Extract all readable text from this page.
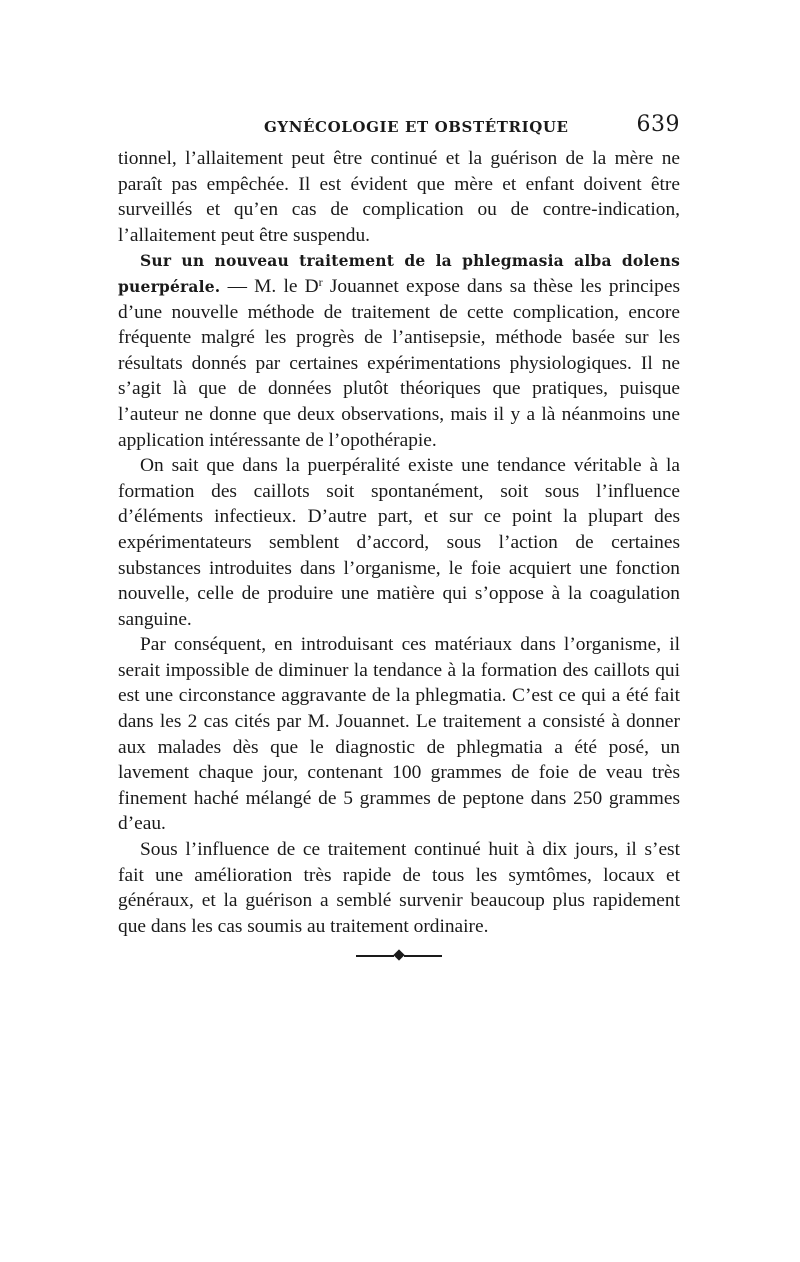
GYNÉCOLOGIE ET OBSTÉTRIQUE	639

tionnel, l’allaitement peut être continué et la guérison de la mère ne paraît pas empêchée. Il est évident que mère et enfant doivent être surveillés et qu’en cas de complication ou de contre-indication, l’allaitement peut être suspendu.

Sur un nouveau traitement de la phlegmasia alba dolens puerpérale. — M. le $D^r$ Jouannet expose dans sa thèse les principes d’une nouvelle méthode de traitement de cette complication, encore fréquente malgré les progrès de l’antisepsie, méthode basée sur les résultats donnés par certaines expérimentations physiologiques. Il ne s’agit là que de données plutôt théoriques que pratiques, puisque l’auteur ne donne que deux observations, mais il y a là néanmoins une application intéressante de l’opothérapie.

On sait que dans la puerpéralité existe une tendance véritable à la formation des caillots soit spontanément, soit sous l’influence d’éléments infectieux. D’autre part, et sur ce point la plupart des expérimentateurs semblent d’accord, sous l’action de certaines substances introduites dans l’organisme, le foie acquiert une fonction nouvelle, celle de produire une matière qui s’oppose à la coagulation sanguine.

Par conséquent, en introduisant ces matériaux dans l’organisme, il serait impossible de diminuer la tendance à la formation des caillots qui est une circonstance aggravante de la phlegmatia. C’est ce qui a été fait dans les 2 cas cités par M. Jouannet. Le traitement a consisté à donner aux malades dès que le diagnostic de phlegmatia a été posé, un lavement chaque jour, contenant 100 grammes de foie de veau très finement haché mélangé de 5 grammes de peptone dans 250 grammes d’eau.

Sous l’influence de ce traitement continué huit à dix jours, il s’est fait une amélioration très rapide de tous les symtômes, locaux et généraux, et la guérison a semblé survenir beaucoup plus rapidement que dans les cas soumis au traitement ordinaire.
